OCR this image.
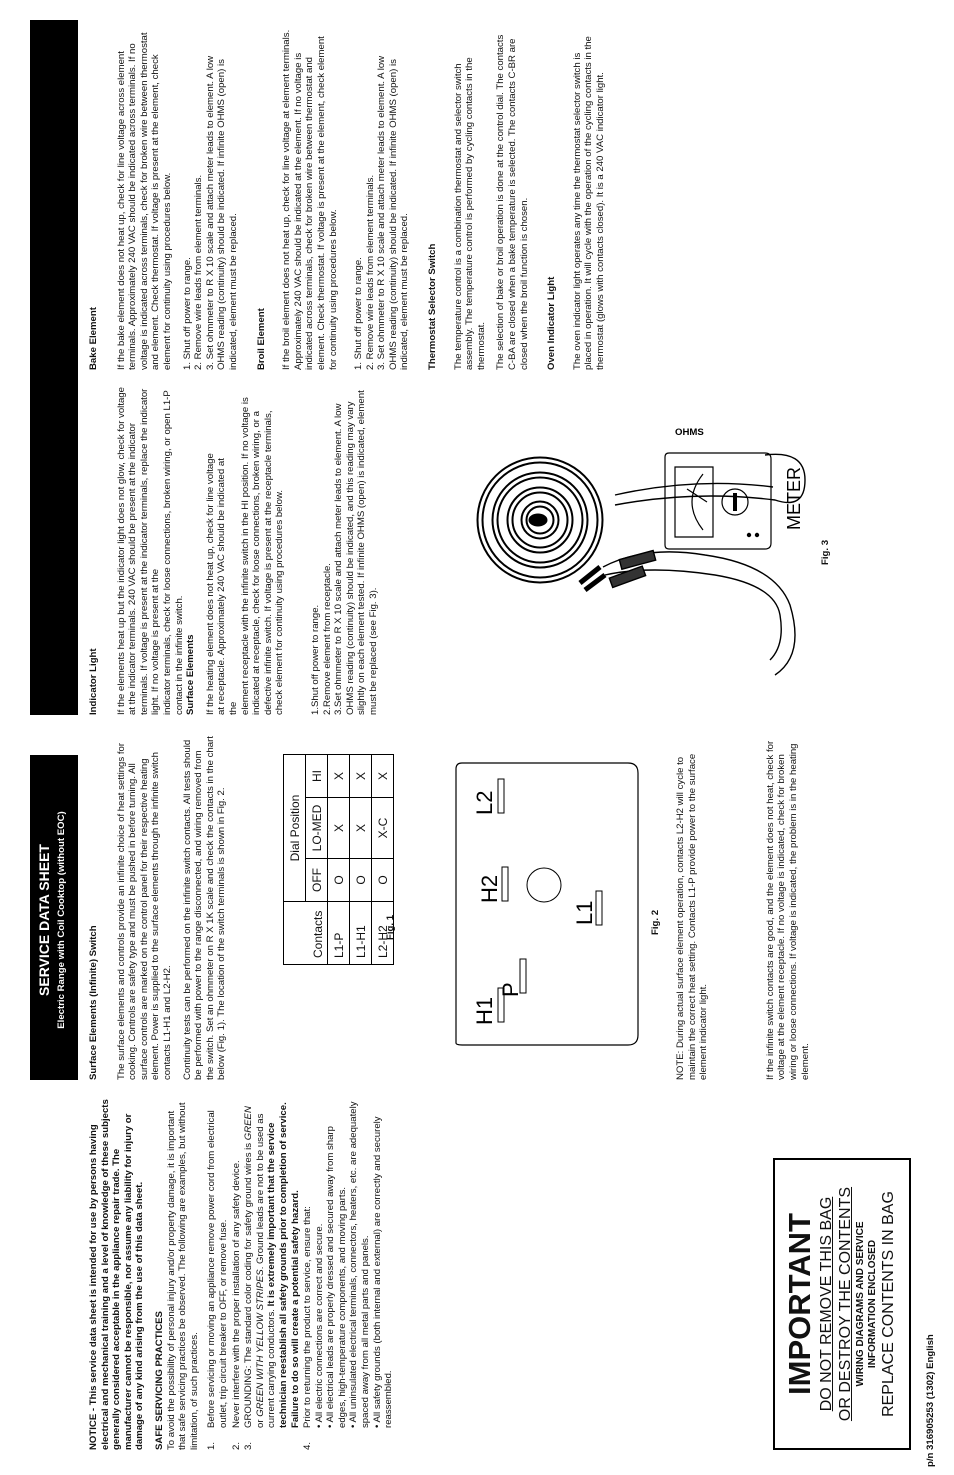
p/n 316905253 (1302) English
IMPORTANT DO NOT REMOVE THIS BAG OR DESTROY THE CONTENTS WIRING DIAGRAMS AND SERVICE INFORMATION ENCLOSED REPLACE CONTENTS IN BAG
SERVICE DATA SHEET Electric Range with Coil Cooktop (without EOC)

NOTICE - This service data sheet is intended for use by persons having electrical and mechanical training and a level of knowledge of these subjects generally considered acceptable in the appliance repair trade. The manufacturer cannot be responsible, nor assume any liability for injury or damage of any kind arising from the use of this data sheet. SAFE SERVICING PRACTICES To avoid the possibility of personal injury and/or property damage, it is important that safe servicing practices be observed. The following are examples, but without limitation, of such practices. 1.
Before servicing or moving an appliance remove power cord from electrical outlet, trip circuit breaker to OFF, or remove fuse.
2.
Never interfere with the proper installation of any safety device.
3.
GROUNDING: The standard color coding for safety ground wires is GREEN or GREEN WITH YELLOW STRIPES. Ground leads are not to be used as current carrying conductors. It is extremely important that the service technician reestablish all safety grounds prior to completion of service. Failure to do so will create a potential safety hazard.
4.
Prior to returning the product to service, ensure that: • All electric connections are correct and secure. • All electrical leads are properly dressed and secured away from sharp edges, high-temperature components, and moving parts. • All uninsulated electrical terminals, connectors, heaters, etc. are adequately spaced away from all metal parts and panels. • All safety grounds (both internal and external) are correctly and securely reassembled.
Surface Elements (Infinite) Switch The surface elements and controls provide an infinite choice of heat settings for cooking. Controls are safety type and must be pushed in before turning. All surface controls are marked on the control panel for their respective heating element. Power is supplied to the surface elements through the infinite switch contacts L1-H1 and L2-H2. Continuity tests can be performed on the infinite switch contacts. All tests should be performed with power to the range disconnected, and wiring removed from the switch. Set an ohmmeter on R X 1K scale and check the contacts in the chart below (Fig. 1). The location of the switch terminals is shown in Fig. 2.	Contacts	Dial Position		
	OFF	LO-MED	HI
L1-P	O	X	X
L1-H1	O	X	X
L2-H2	O	X-C	X
Fig. 1
H1
P
H2
L2
L1	Fig. 2 NOTE: During actual surface element operation, contacts L2-H2 will cycle to maintain the correct heat setting. Contacts L1-P provide power to the surface element indicator light.	If the infinite switch contacts are good, and the element does not heat, check for voltage at the element receptacle. If no voltage is indicated, check for broken wiring or loose connections. If voltage is indicated, the problem is in the heating element.

Indicator Light If the elements heat up but the indicator light does not glow, check for voltage at the indicator terminals. 240 VAC should be present at the indicator terminals. If voltage is present at the indicator terminals, replace the indicator light. If no voltage is present at the indicator terminals, check for loose connections, broken wiring, or open L1-P contact in the infinite switch. Surface Elements If the heating element does not heat up, check for line voltage at receptacle. Approximately 240 VAC should be indicated at the element receptacle with the infinite switch in the HI position. If no voltage is indicated at receptacle, check for loose connections, broken wiring, or a defective infinite switch. If voltage is present at the receptacle terminals, check element for continuity using procedures below.	1.Shut off power to range. 2.Remove element from receptacle. 3.Set ohmmeter to R X 10 scale and attach meter leads to element. A low OHMS reading (continuity) should be indicated, and this reading may vary slightly on each element tested. If infinite OHMS (open) is indicated, element must be replaced (see Fig. 3).
METER
OHMS
Fig. 3
Bake Element If the bake element does not heat up, check for line voltage across element terminals. Approximately 240 VAC should be indicated across terminals. If no voltage is indicated across terminals, check for broken wire between thermostat and element. Check thermostat. If voltage is present at the element, check element for continuity using procedures below. 1. Shut off power to range. 2. Remove wire leads from element terminals. 3. Set ohmmeter to R X 10 scale and attach meter leads to element. A low OHMS reading (continuity) should be indicated. If infinite OHMS (open) is indicated, element must be replaced. Broil Element If the broil element does not heat up, check for line voltage at element terminals. Approximately 240 VAC should be indicated at the element. If no voltage is indicated across terminals, check for broken wire between thermostat and element. Check thermostat. If voltage is present at the element, check element for continuity using procedures below. 1. Shut off power to range. 2. Remove wire leads from element terminals. 3. Set ohmmeter to R X 10 scale and attach meter leads to element. A low OHMS reading (continuity) should be indicated. If infinite OHMS (open) is indicated, element must be replaced. Thermostat Selector Switch The temperature control is a combination thermostat and selector switch assembly. The temperature control is performed by cycling contacts in the thermostat. The selection of bake or broil operation is done at the control dial. The contacts C-BA are closed when a bake temperature is selected. The contacts C-BR are closed when the broil function is chosen. Oven Indicator Light The oven indicator light operates any time the thermostat selector switch is placed in operation. It will cycle with the operation of the cycling contacts in the thermostat (glows with contacts closed). It is a 240 VAC indicator light.
